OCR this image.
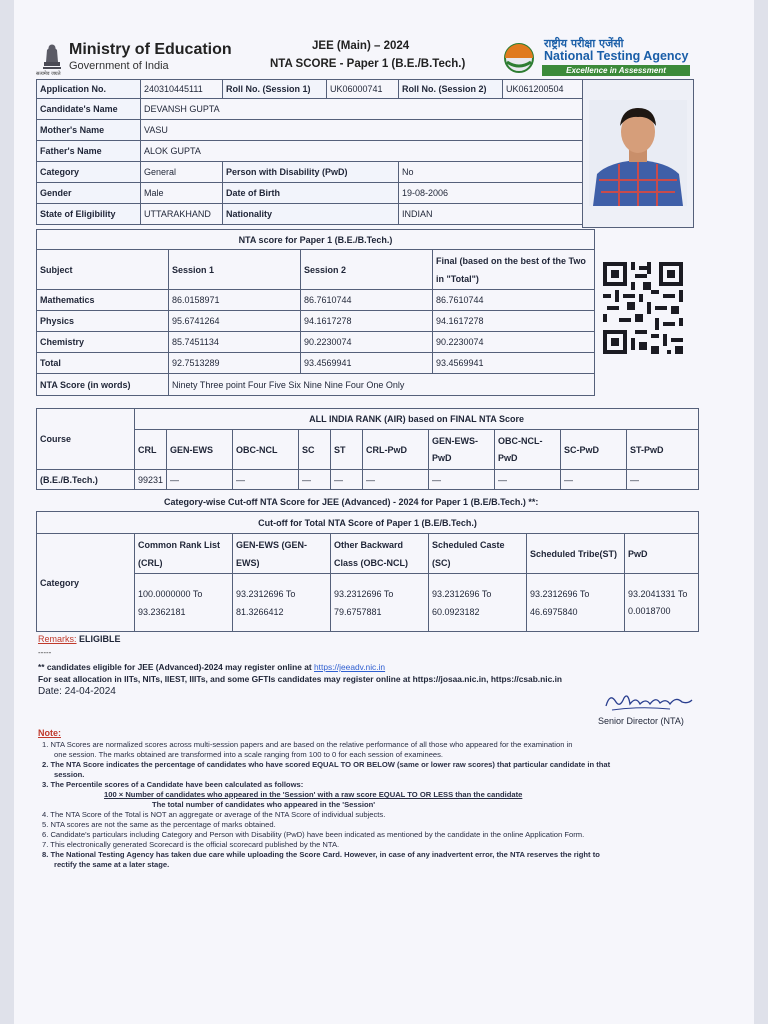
सत्यमेव जयते
Ministry of Education
Government of India
JEE (Main) – 2024
NTA SCORE - Paper 1 (B.E./B.Tech.)
राष्ट्रीय परीक्षा एजेंसी
National Testing Agency
Excellence in Assessment
Application No.	240310445111	Roll No. (Session 1)	UK06000741	Roll No. (Session 2)	UK061200504
Candidate's Name	DEVANSH GUPTA				
Mother's Name	VASU				
Father's Name	ALOK GUPTA				
Category	General	Person with Disability (PwD)		No	
Gender	Male	Date of Birth		19-08-2006	
State of Eligibility	UTTARAKHAND	Nationality		INDIAN	
NTA score for Paper 1 (B.E./B.Tech.)			
Subject	Session 1	Session 2	Final (based on the best of the Two in "Total")
Mathematics	86.0158971	86.7610744	86.7610744
Physics	95.6741264	94.1617278	94.1617278
Chemistry	85.7451134	90.2230074	90.2230074
Total	92.7513289	93.4569941	93.4569941
NTA Score (in words)	Ninety Three point Four Five Six Nine Nine Four One Only		
Course	ALL INDIA RANK (AIR) based on FINAL NTA Score									
	CRL	GEN-EWS	OBC-NCL	SC	ST	CRL-PwD	GEN-EWS-PwD	OBC-NCL-PwD	SC-PwD	ST-PwD
(B.E./B.Tech.)	99231	—	—	—	—	—	—	—	—	—
Category-wise Cut-off NTA Score for JEE (Advanced) - 2024 for Paper 1 (B.E/B.Tech.) **:
Cut-off for Total NTA Score of Paper 1 (B.E/B.Tech.)						
Category	Common Rank List (CRL)	GEN-EWS (GEN-EWS)	Other Backward Class (OBC-NCL)	Scheduled Caste (SC)	Scheduled Tribe(ST)	PwD
	100.0000000 To 93.2362181	93.2312696 To 81.3266412	93.2312696 To 79.6757881	93.2312696 To 60.0923182	93.2312696 To 46.6975840	93.2041331 To 0.0018700
Remarks: ELIGIBLE
-----
** candidates eligible for JEE (Advanced)-2024 may register online at https://jeeadv.nic.in
For seat allocation in IITs, NITs, IIEST, IIITs, and some GFTIs candidates may register online at https://josaa.nic.in, https://csab.nic.in
Date: 24-04-2024
Senior Director (NTA)
Note:
1. NTA Scores are normalized scores across multi-session papers and are based on the relative performance of all those who appeared for the examination in
one session. The marks obtained are transformed into a scale ranging from 100 to 0 for each session of examinees.
2. The NTA Score indicates the percentage of candidates who have scored EQUAL TO OR BELOW (same or lower raw scores) that particular candidate in that
session.
3. The Percentile scores of a Candidate have been calculated as follows:
100 × Number of candidates who appeared in the 'Session' with a raw score EQUAL TO OR LESS than the candidate
The total number of candidates who appeared in the 'Session'
4. The NTA Score of the Total is NOT an aggregate or average of the NTA Score of individual subjects.
5. NTA scores are not the same as the percentage of marks obtained.
6. Candidate's particulars including Category and Person with Disability (PwD) have been indicated as mentioned by the candidate in the online Application Form.
7. This electronically generated Scorecard is the official scorecard published by the NTA.
8. The National Testing Agency has taken due care while uploading the Score Card. However, in case of any inadvertent error, the NTA reserves the right to
rectify the same at a later stage.
